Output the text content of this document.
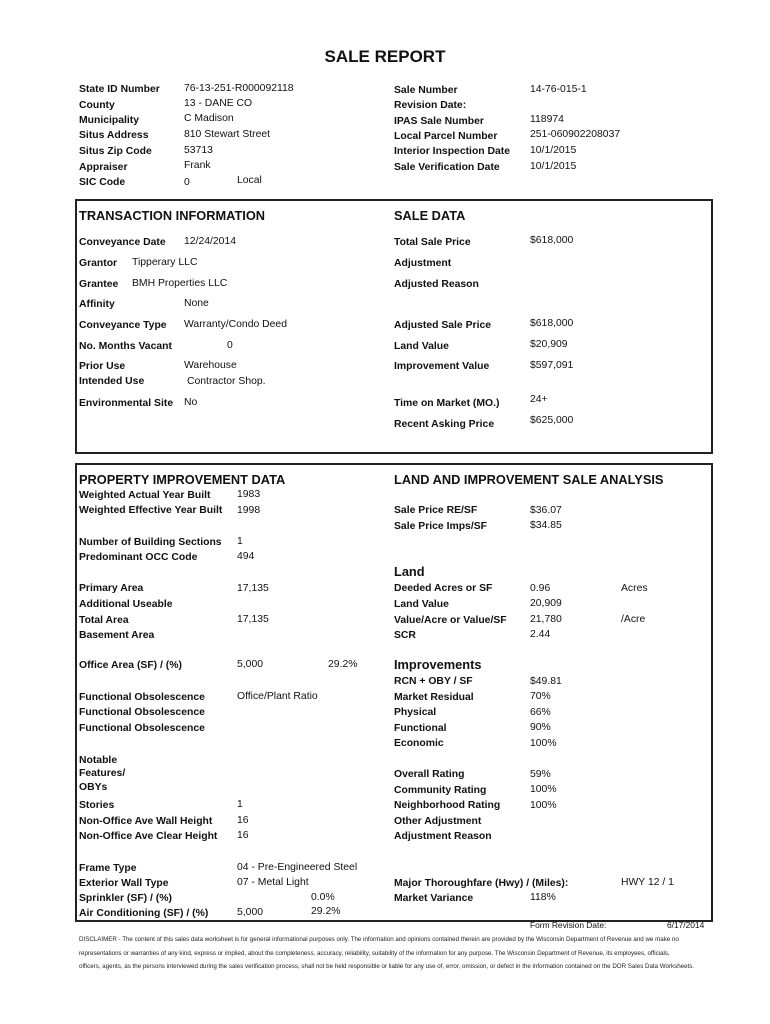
SALE REPORT
State ID Number 76-13-251-R000092118
County	13 - DANE CO
Municipality	C Madison
Situs Address	810 Stewart Street
Situs Zip Code	53713
Appraiser	Frank
SIC Code	0	Local
Sale Number	14-76-015-1
Revision Date:
IPAS Sale Number	118974
Local Parcel Number	251-060902208037
Interior Inspection Date 10/1/2015
Sale Verification Date	10/1/2015
TRANSACTION INFORMATION	SALE DATA
Conveyance Date 12/24/2014
Grantor Tipperary LLC
Grantee BMH Properties LLC
Affinity	None
Conveyance Type Warranty/Condo Deed
No. Months Vacant	0
Prior Use	Warehouse
Intended Use	Contractor Shop.
Environmental Site No
Total Sale Price	$618,000
Adjustment
Adjusted Reason
Adjusted Sale Price	$618,000
Land Value	$20,909
Improvement Value	$597,091
Time on Market (MO.)	24+
Recent Asking Price	$625,000
PROPERTY IMPROVEMENT DATA	LAND AND IMPROVEMENT SALE ANALYSIS
Weighted Actual Year Built	1983
Weighted Effective Year Built 1998
Number of Building Sections 1
Predominant OCC Code	494
Primary Area	17,135
Additional Useable
Total Area	17,135
Basement Area
Office Area (SF) / (%)	5,000	29.2%
Functional Obsolescence	Office/Plant Ratio
Functional Obsolescence
Functional Obsolescence
Notable
Features/
OBYs
Stories	1
Non-Office Ave Wall Height 16
Non-Office Ave Clear Height 16
Frame Type	04 - Pre-Engineered Steel
Exterior Wall Type	07 - Metal Light
Sprinkler (SF) / (%)	0.0%
Air Conditioning (SF) / (%)	5,000	29.2%
Sale Price RE/SF	$36.07
Sale Price Imps/SF	$34.85
Land
Deeded Acres or SF	0.96	Acres
Land Value	20,909
Value/Acre or Value/SF 21,780	/Acre
SCR	2.44
Improvements
RCN + OBY / SF	$49.81
Market Residual	70%
Physical	66%
Functional	90%
Economic	100%
Overall Rating	59%
Community Rating	100%
Neighborhood Rating	100%
Other Adjustment
Adjustment Reason
Major Thoroughfare (Hwy) / (Miles):	HWY 12 / 1
Market Variance	118%
Form Revision Date:	6/17/2014
DISCLAIMER - The content of this sales data worksheet is for general informational purposes only. The information and opinions contained therein are provided by the Wisconsin Department of Revenue and we make no
representations or warranties of any kind, express or implied, about the completeness, accuracy, reliability, suitability of the information for any purpose. The Wisconsin Department of Revenue, its employees, officials,
officers, agents, as the persons interviewed during the sales verification process, shall not be held responsible or liable for any use of, error, omission, or defect in the information contained on the DOR Sales Data Worksheets.
